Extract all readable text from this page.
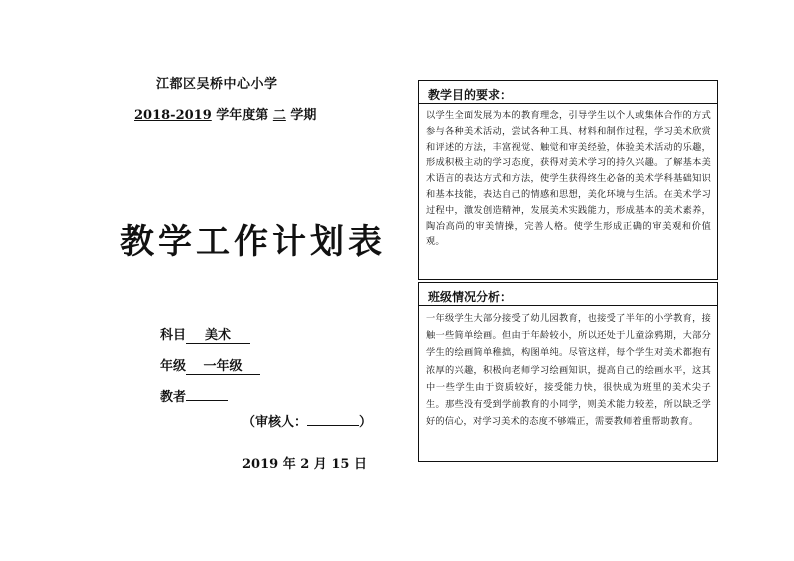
江都区吴桥中心小学
2018-2019 学年度第 二 学期
教学工作计划表
科目 美术
年级 一年级
教者
（审核人：	）
2019 年 2 月 15 日
教学目的要求：
以学生全面发展为本的教育理念，引导学生以个人或集体合作的方式参与各种美术活动，尝试各种工具、材料和制作过程，学习美术欣赏和评述的方法，丰富视觉、触觉和审美经验，体验美术活动的乐趣，形成积极主动的学习态度，获得对美术学习的持久兴趣。了解基本美术语言的表达方式和方法，使学生获得终生必备的美术学科基础知识和基本技能，表达自己的情感和思想，美化环境与生活。在美术学习过程中，激发创造精神，发展美术实践能力，形成基本的美术素养，陶冶高尚的审美情操，完善人格。使学生形成正确的审美观和价值观。
班级情况分析：
一年级学生大部分接受了幼儿园教育，也接受了半年的小学教育，接触一些简单绘画。但由于年龄较小，所以还处于儿童涂鸦期，大部分学生的绘画简单稚拙，构图单纯。尽管这样，每个学生对美术都抱有浓厚的兴趣，积极向老师学习绘画知识，提高自己的绘画水平，这其中一些学生由于资质较好，接受能力快，很快成为班里的美术尖子生。那些没有受到学前教育的小同学，则美术能力较差，所以缺乏学好的信心，对学习美术的态度不够端正，需要教师着重帮助教育。
